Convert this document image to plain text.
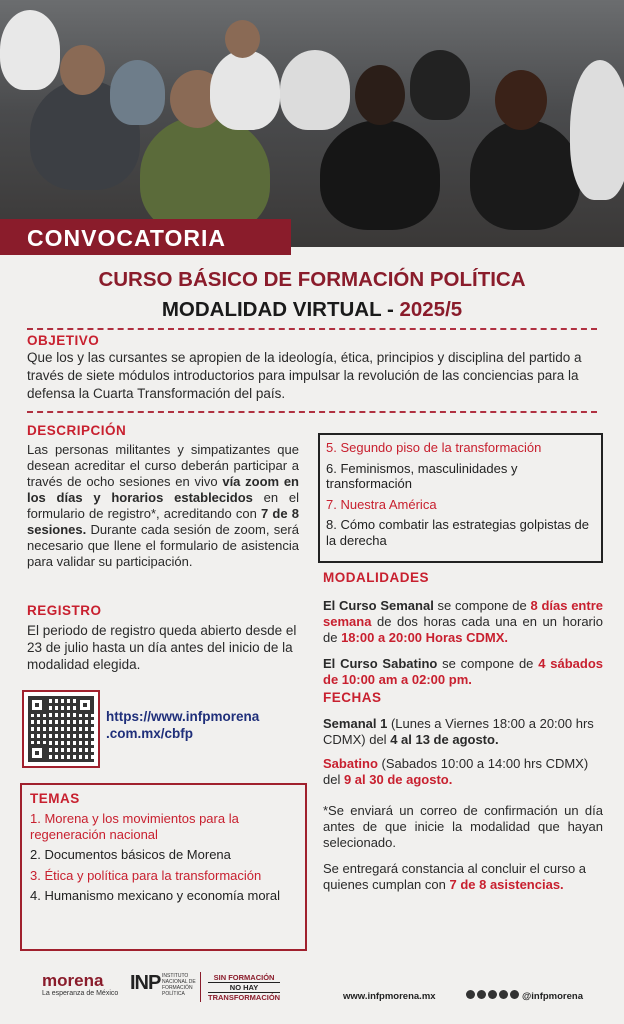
CONVOCATORIA
CURSO BÁSICO DE FORMACIÓN POLÍTICA
MODALIDAD VIRTUAL - 2025/5
OBJETIVO
Que los y las cursantes se apropien de la ideología, ética, principios y disciplina del partido a través de siete módulos introductorios para impulsar la revolución de las conciencias para la defensa la Cuarta Transformación del país.
DESCRIPCIÓN
Las personas militantes y simpatizantes que desean acreditar el curso deberán participar a través de ocho sesiones en vivo vía zoom en los días y horarios establecidos en el formulario de registro*, acreditando con 7 de 8 sesiones. Durante cada sesión de zoom, será necesario que llene el formulario de asistencia para validar su participación.
REGISTRO
El periodo de registro queda abierto desde el 23 de julio hasta un día antes del inicio de la modalidad elegida.
https://www.infpmorena
.com.mx/cbfp
TEMAS
1. Morena y los movimientos para la regeneración nacional
2. Documentos básicos de Morena
3. Ética y política para la transformación
4. Humanismo mexicano y economía moral
5. Segundo piso de la transformación
6. Feminismos, masculinidades y transformación
7. Nuestra América
8. Cómo combatir las estrategias golpistas de la derecha
MODALIDADES
El Curso Semanal se compone de 8 días entre semana de dos horas cada una en un horario de 18:00 a 20:00 Horas CDMX.
El Curso Sabatino se compone de 4 sábados de 10:00 am a 02:00 pm.
FECHAS
Semanal 1 (Lunes a Viernes 18:00 a 20:00 hrs CDMX) del 4 al 13 de agosto.
Sabatino (Sabados 10:00 a 14:00 hrs CDMX) del 9 al 30 de agosto.
*Se enviará un correo de confirmación un día antes de que inicie la modalidad que hayan selecionado.
Se entregará constancia al concluir el curso a quienes cumplan con 7 de 8 asistencias.
morena
La esperanza de México INP INSTITUTO NACIONAL DE FORMACIÓN POLÍTICA
SIN FORMACIÓN
NO HAY
TRANSFORMACIÓN	www.infpmorena.mx	@infpmorena
